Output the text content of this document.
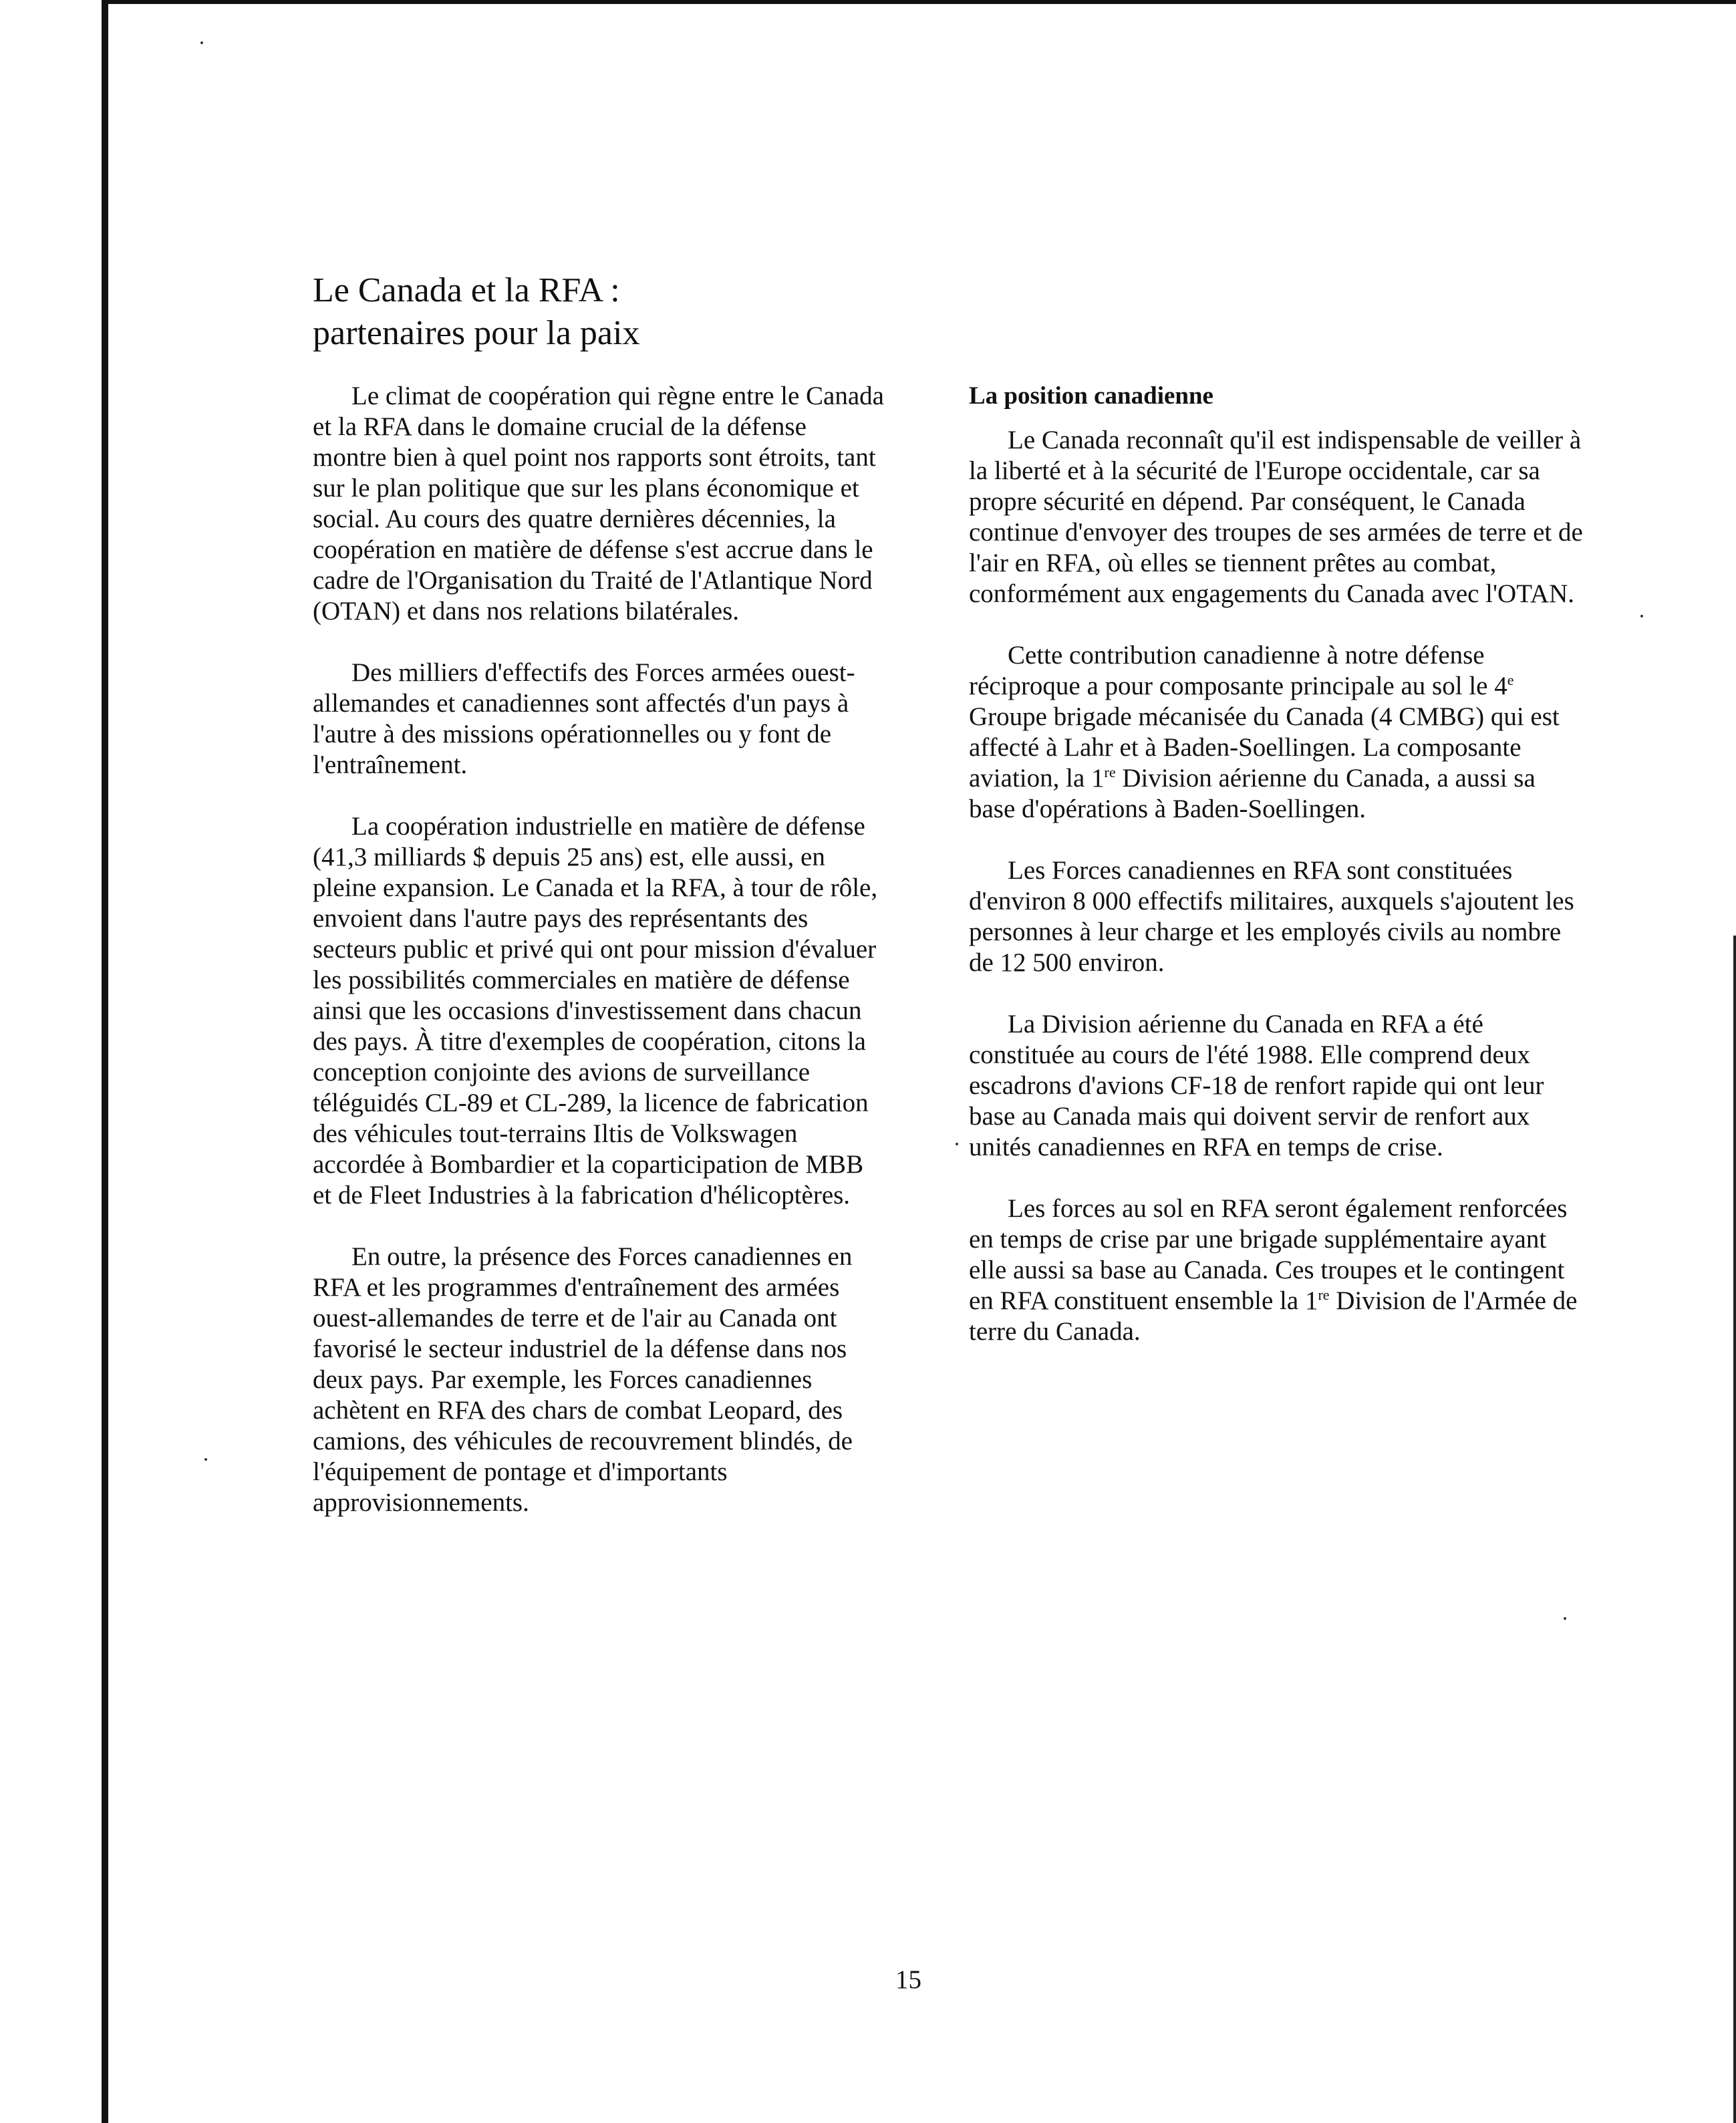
Le Canada et la RFA :
partenaires pour la paix

Le climat de coopération qui règne entre le Canada et la RFA dans le domaine crucial de la défense montre bien à quel point nos rapports sont étroits, tant sur le plan politique que sur les plans économique et social. Au cours des quatre dernières décennies, la coopération en matière de défense s'est accrue dans le cadre de l'Organisation du Traité de l'Atlantique Nord (OTAN) et dans nos relations bilatérales.

Des milliers d'effectifs des Forces armées ouest-allemandes et canadiennes sont affectés d'un pays à l'autre à des missions opérationnelles ou y font de l'entraînement.

La coopération industrielle en matière de défense (41,3 milliards $ depuis 25 ans) est, elle aussi, en pleine expansion. Le Canada et la RFA, à tour de rôle, envoient dans l'autre pays des représentants des secteurs public et privé qui ont pour mission d'évaluer les possibilités commerciales en matière de défense ainsi que les occasions d'investissement dans chacun des pays. À titre d'exemples de coopération, citons la conception conjointe des avions de surveillance téléguidés CL-89 et CL-289, la licence de fabrication des véhicules tout-terrains Iltis de Volkswagen accordée à Bombardier et la coparticipation de MBB et de Fleet Industries à la fabrication d'hélicoptères.

En outre, la présence des Forces canadiennes en RFA et les programmes d'entraînement des armées ouest-allemandes de terre et de l'air au Canada ont favorisé le secteur industriel de la défense dans nos deux pays. Par exemple, les Forces canadiennes achètent en RFA des chars de combat Leopard, des camions, des véhicules de recouvrement blindés, de l'équipement de pontage et d'importants approvisionnements.

La position canadienne

Le Canada reconnaît qu'il est indispensable de veiller à la liberté et à la sécurité de l'Europe occidentale, car sa propre sécurité en dépend. Par conséquent, le Canada continue d'envoyer des troupes de ses armées de terre et de l'air en RFA, où elles se tiennent prêtes au combat, conformément aux engagements du Canada avec l'OTAN.

Cette contribution canadienne à notre défense réciproque a pour composante principale au sol le 4e Groupe brigade mécanisée du Canada (4 CMBG) qui est affecté à Lahr et à Baden-Soellingen. La composante aviation, la 1re Division aérienne du Canada, a aussi sa base d'opérations à Baden-Soellingen.

Les Forces canadiennes en RFA sont constituées d'environ 8 000 effectifs militaires, auxquels s'ajoutent les personnes à leur charge et les employés civils au nombre de 12 500 environ.

La Division aérienne du Canada en RFA a été constituée au cours de l'été 1988. Elle comprend deux escadrons d'avions CF-18 de renfort rapide qui ont leur base au Canada mais qui doivent servir de renfort aux unités canadiennes en RFA en temps de crise.

Les forces au sol en RFA seront également renforcées en temps de crise par une brigade supplémentaire ayant elle aussi sa base au Canada. Ces troupes et le contingent en RFA constituent ensemble la 1re Division de l'Armée de terre du Canada.

15
